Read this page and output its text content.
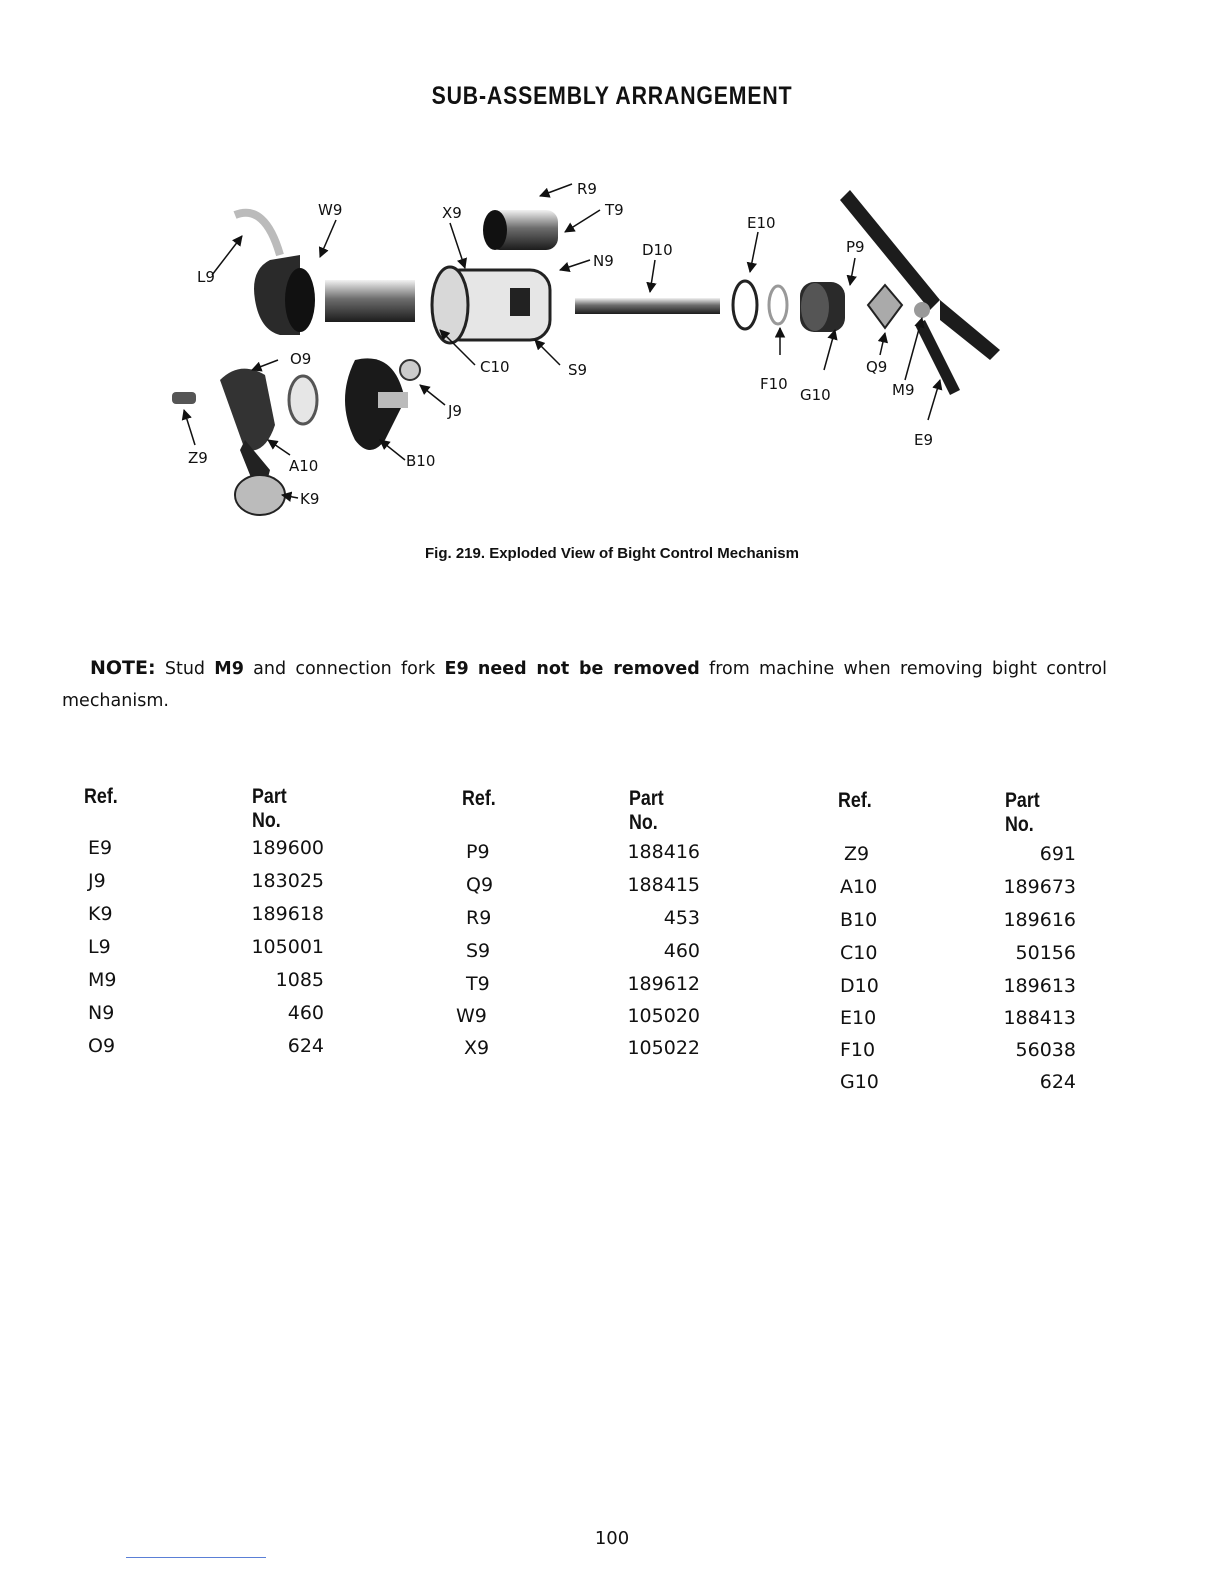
SUB-ASSEMBLY ARRANGEMENT
W9	X9
R9
T9
N9
D10
E10
P9
L9
O9	C10	S9
F10
G10
Q9
M9
E9
J9
Z9	A10	B10
K9
Fig. 219. Exploded View of Bight Control Mechanism

NOTE: Stud M9 and connection fork E9 need not be removed from machine when removing bight control mechanism.

Ref.	Part No.
E9	189600
J9	183025
K9	189618
L9	105001
M9	1085
N9	460
O9	624
Ref.	Part No.
P9	188416
Q9	188415
R9	453
S9	460
T9	189612
W9	105020
X9	105022
Ref.	Part No.
Z9	691
A10	189673
B10	189616
C10	50156
D10	189613
E10	188413
F10	56038
G10	624
100
